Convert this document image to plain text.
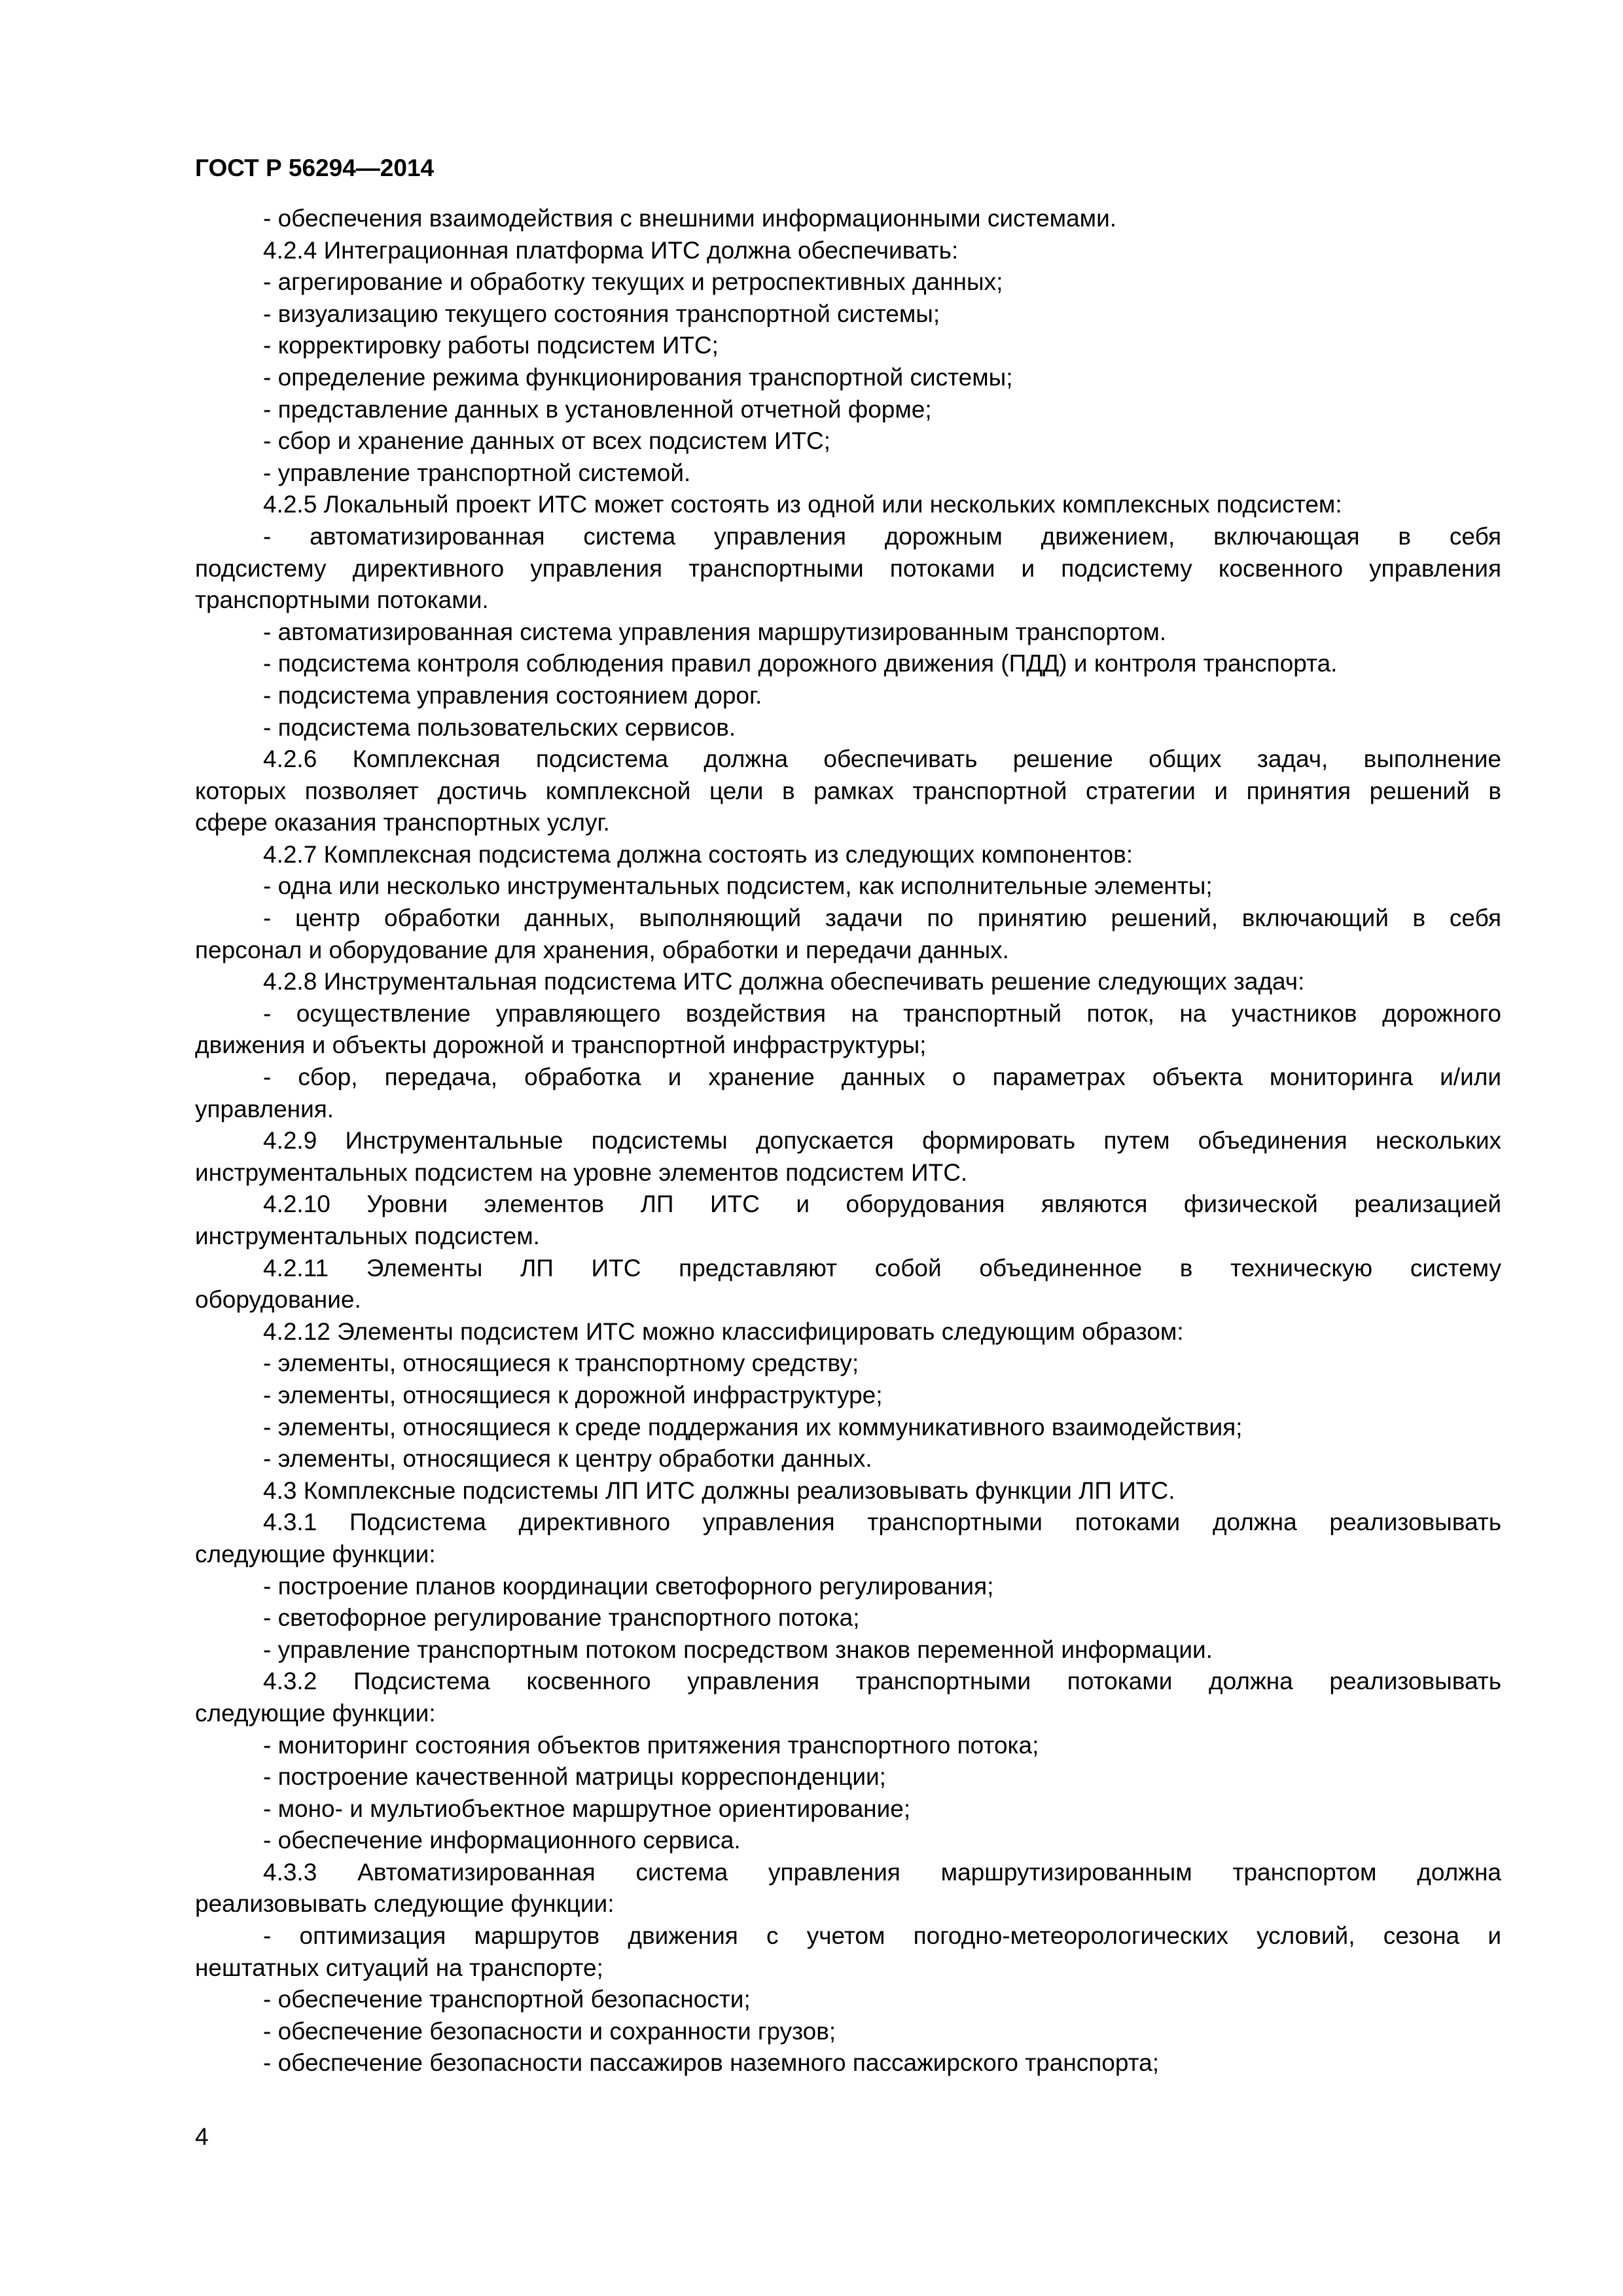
ГОСТ Р 56294—2014
- обеспечения взаимодействия с внешними информационными системами.
4.2.4 Интеграционная платформа ИТС должна обеспечивать:
- агрегирование и обработку текущих и ретроспективных данных;
- визуализацию текущего состояния транспортной системы;
- корректировку работы подсистем ИТС;
- определение режима функционирования транспортной системы;
- представление данных в установленной отчетной форме;
- сбор и хранение данных от всех подсистем ИТС;
- управление транспортной системой.
4.2.5 Локальный проект ИТС может состоять из одной или нескольких комплексных подсистем:
- автоматизированная система управления дорожным движением, включающая в себя
подсистему директивного управления транспортными потоками и подсистему косвенного управления
транспортными потоками.
- автоматизированная система управления маршрутизированным транспортом.
- подсистема контроля соблюдения правил дорожного движения (ПДД) и контроля транспорта.
- подсистема управления состоянием дорог.
- подсистема пользовательских сервисов.
4.2.6 Комплексная подсистема должна обеспечивать решение общих задач, выполнение
которых позволяет достичь комплексной цели в рамках транспортной стратегии и принятия решений в
сфере оказания транспортных услуг.
4.2.7 Комплексная подсистема должна состоять из следующих компонентов:
- одна или несколько инструментальных подсистем, как исполнительные элементы;
- центр обработки данных, выполняющий задачи по принятию решений, включающий в себя
персонал и оборудование для хранения, обработки и передачи данных.
4.2.8 Инструментальная подсистема ИТС должна обеспечивать решение следующих задач:
- осуществление управляющего воздействия на транспортный поток, на участников дорожного
движения и объекты дорожной и транспортной инфраструктуры;
- сбор, передача, обработка и хранение данных о параметрах объекта мониторинга и/или
управления.
4.2.9 Инструментальные подсистемы допускается формировать путем объединения нескольких
инструментальных подсистем на уровне элементов подсистем ИТС.
4.2.10 Уровни элементов ЛП ИТС и оборудования являются физической реализацией
инструментальных подсистем.
4.2.11 Элементы ЛП ИТС представляют собой объединенное в техническую систему
оборудование.
4.2.12 Элементы подсистем ИТС можно классифицировать следующим образом:
- элементы, относящиеся к транспортному средству;
- элементы, относящиеся к дорожной инфраструктуре;
- элементы, относящиеся к среде поддержания их коммуникативного взаимодействия;
- элементы, относящиеся к центру обработки данных.
4.3 Комплексные подсистемы ЛП ИТС должны реализовывать функции ЛП ИТС.
4.3.1 Подсистема директивного управления транспортными потоками должна реализовывать
следующие функции:
- построение планов координации светофорного регулирования;
- светофорное регулирование транспортного потока;
- управление транспортным потоком посредством знаков переменной информации.
4.3.2 Подсистема косвенного управления транспортными потоками должна реализовывать
следующие функции:
- мониторинг состояния объектов притяжения транспортного потока;
- построение качественной матрицы корреспонденции;
- моно- и мультиобъектное маршрутное ориентирование;
- обеспечение информационного сервиса.
4.3.3 Автоматизированная система управления маршрутизированным транспортом должна
реализовывать следующие функции:
- оптимизация маршрутов движения с учетом погодно-метеорологических условий, сезона и
нештатных ситуаций на транспорте;
- обеспечение транспортной безопасности;
- обеспечение безопасности и сохранности грузов;
- обеспечение безопасности пассажиров наземного пассажирского транспорта;
4
